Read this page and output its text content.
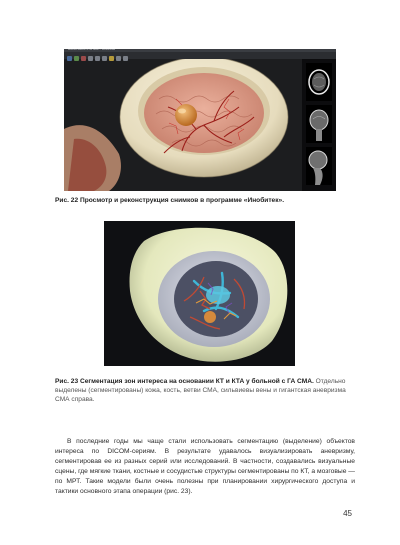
MedVision Inobitek DICOM Viewer — Reconstruction
Рис. 22 Просмотр и реконструкция снимков в программе «Инобитек».
Рис. 23 Сегментация зон интереса на основании КТ и КТА у больной с ГА СМА. Отдельно выделены (сегментированы) кожа, кость, ветви СМА, сильвиевы вены и гигантская аневризма СМА справа.
В последние годы мы чаще стали использовать сегментацию (выделение) объектов интереса по DICOM-сериям. В результате удавалось визуализировать аневризму, сегментировав ее из разных серий или исследований. В частности, создавались визуальные сцены, где мягкие ткани, костные и сосудистые структуры сегментированы по КТ, а мозговые — по МРТ. Такие модели были очень полезны при планировании хирургического доступа и тактики основного этапа операции (рис. 23).
45
